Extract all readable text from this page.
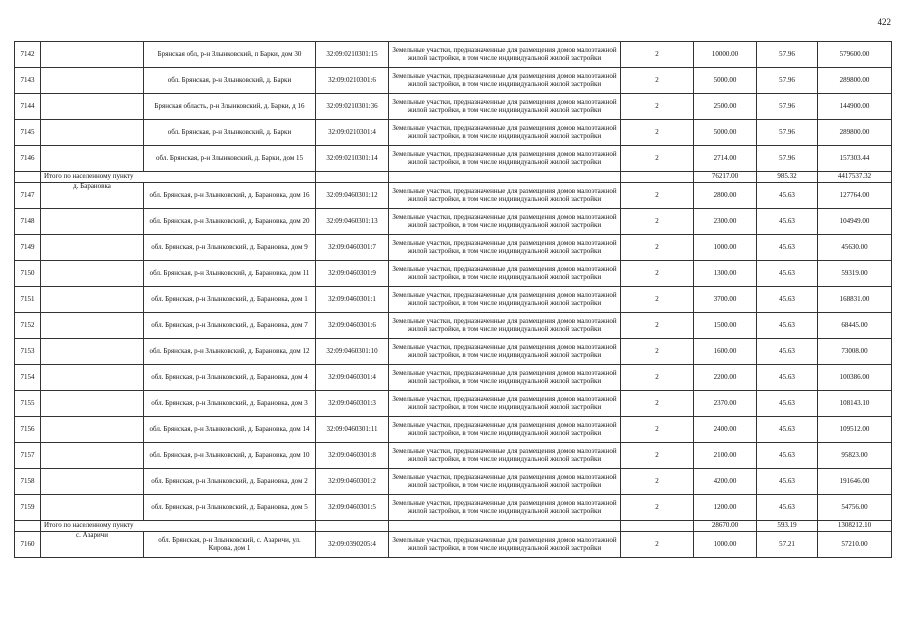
422
7142		Брянская обл, р-н Злынковский, п Барки, дом 30	32:09:0210301:15	Земельные участки, предназначенные для размещения домов малоэтажной жилой застройки, в том числе индивидуальной жилой застройки	2	10000.00	57.96	579600.00
7143		обл. Брянская, р-н Злынковский, д. Барки	32:09:0210301:6	Земельные участки, предназначенные для размещения домов малоэтажной жилой застройки, в том числе индивидуальной жилой застройки	2	5000.00	57.96	289800.00
7144		Брянская область, р-н Злынковский, д. Барки, д 16	32:09:0210301:36	Земельные участки, предназначенные для размещения домов малоэтажной жилой застройки, в том числе индивидуальной жилой застройки	2	2500.00	57.96	144900.00
7145		обл. Брянская, р-н Злынковский, д. Барки	32:09:0210301:4	Земельные участки, предназначенные для размещения домов малоэтажной жилой застройки, в том числе индивидуальной жилой застройки	2	5000.00	57.96	289800.00
7146		обл. Брянская, р-н Злынковский, д. Барки, дом 15	32:09:0210301:14	Земельные участки, предназначенные для размещения домов малоэтажной жилой застройки, в том числе индивидуальной жилой застройки	2	2714.00	57.96	157303.44
	Итого по населенному пункту					76217.00	985.32	4417537.32
7147	д. Барановка	обл. Брянская, р-н Злынковский, д. Барановка, дом 16	32:09:0460301:12	Земельные участки, предназначенные для размещения домов малоэтажной жилой застройки, в том числе индивидуальной жилой застройки	2	2800.00	45.63	127764.00
7148		обл. Брянская, р-н Злынковский, д. Барановка, дом 20	32:09:0460301:13	Земельные участки, предназначенные для размещения домов малоэтажной жилой застройки, в том числе индивидуальной жилой застройки	2	2300.00	45.63	104949.00
7149		обл. Брянская, р-н Злынковский, д. Барановка, дом 9	32:09:0460301:7	Земельные участки, предназначенные для размещения домов малоэтажной жилой застройки, в том числе индивидуальной жилой застройки	2	1000.00	45.63	45630.00
7150		обл. Брянская, р-н Злынковский, д. Барановка, дом 11	32:09:0460301:9	Земельные участки, предназначенные для размещения домов малоэтажной жилой застройки, в том числе индивидуальной жилой застройки	2	1300.00	45.63	59319.00
7151		обл. Брянская, р-н Злынковский, д. Барановка, дом 1	32:09:0460301:1	Земельные участки, предназначенные для размещения домов малоэтажной жилой застройки, в том числе индивидуальной жилой застройки	2	3700.00	45.63	168831.00
7152		обл. Брянская, р-н Злынковский, д. Барановка, дом 7	32:09:0460301:6	Земельные участки, предназначенные для размещения домов малоэтажной жилой застройки, в том числе индивидуальной жилой застройки	2	1500.00	45.63	68445.00
7153		обл. Брянская, р-н Злынковский, д. Барановка, дом 12	32:09:0460301:10	Земельные участки, предназначенные для размещения домов малоэтажной жилой застройки, в том числе индивидуальной жилой застройки	2	1600.00	45.63	73008.00
7154		обл. Брянская, р-н Злынковский, д. Барановка, дом 4	32:09:0460301:4	Земельные участки, предназначенные для размещения домов малоэтажной жилой застройки, в том числе индивидуальной жилой застройки	2	2200.00	45.63	100386.00
7155		обл. Брянская, р-н Злынковский, д. Барановка, дом 3	32:09:0460301:3	Земельные участки, предназначенные для размещения домов малоэтажной жилой застройки, в том числе индивидуальной жилой застройки	2	2370.00	45.63	108143.10
7156		обл. Брянская, р-н Злынковский, д. Барановка, дом 14	32:09:0460301:11	Земельные участки, предназначенные для размещения домов малоэтажной жилой застройки, в том числе индивидуальной жилой застройки	2	2400.00	45.63	109512.00
7157		обл. Брянская, р-н Злынковский, д. Барановка, дом 10	32:09:0460301:8	Земельные участки, предназначенные для размещения домов малоэтажной жилой застройки, в том числе индивидуальной жилой застройки	2	2100.00	45.63	95823.00
7158		обл. Брянская, р-н Злынковский, д. Барановка, дом 2	32:09:0460301:2	Земельные участки, предназначенные для размещения домов малоэтажной жилой застройки, в том числе индивидуальной жилой застройки	2	4200.00	45.63	191646.00
7159		обл. Брянская, р-н Злынковский, д. Барановка, дом 5	32:09:0460301:5	Земельные участки, предназначенные для размещения домов малоэтажной жилой застройки, в том числе индивидуальной жилой застройки	2	1200.00	45.63	54756.00
	Итого по населенному пункту					28670.00	593.19	1308212.10
7160	с. Азаричи	обл. Брянская, р-н Злынковский, с. Азаричи, ул. Кирова, дом 1	32:09:0390205:4	Земельные участки, предназначенные для размещения домов малоэтажной жилой застройки, в том числе индивидуальной жилой застройки	2	1000.00	57.21	57210.00
